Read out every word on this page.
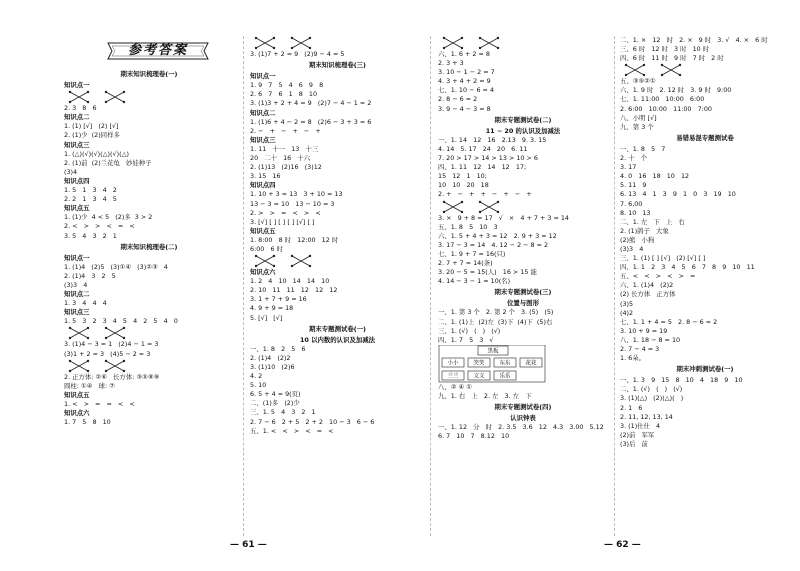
参考答案
期末知识梳理卷(一)
知识点一
2. 3   8   6
知识点二
1. (1) [√]   (2) [√]
2. (1)少  (2)同样多
知识点三
1. (△)(√)(√)(△)(√)(△)
2. (1)前  (2)兰花龟   妙娃种子
(3)4
知识点四
1. 5   1   3   4   2
2. 2   1   3   4   5
知识点五
1. (1)少  4 < 5   (2)多  3 > 2
2. <   >   >   <   =   <
3. 5   4   3   2   1
期末知识梳理卷(二)
知识点一
1. (1)4   (2)5   (3)①④   (3)②③   4
2. (1)4   3   2   5
(3)3   4
知识点二
1. 3   4   4   4
知识点三
1. 5   3   2   3   4   5   4   2   5   4   0
3. (1)4 − 3 = 1   (2)4 − 1 = 3
(3)1 + 2 = 3   (4)5 − 2 = 3
2. 正方体: ②⑥   长方体: ③⑤⑧⑨
圆柱: ①④   球: ⑦
知识点五
1. <   >   =   =   <   <
知识点六
1. 7   5   8   10
3. (1)7 + 2 = 9   (2)9 − 4 = 5
期末知识梳理卷(三)
知识点一
1. 9   7   5   4   6   9   8
2. 6   7   6   1   8   10
3. (1)3 + 2 + 4 = 9   (2)7 − 4 − 1 = 2
知识点二
1. (1)6 + 4 − 2 = 8   (2)6 − 3 + 3 = 6
2. −   +   −   +   −   +
知识点三
1. 11   十一   13   十三
20   二十   16   十六
2. (1)13   (2)16   (3)12
3. 15   16
知识点四
1. 10 + 3 = 13   3 + 10 = 13
13 − 3 = 10   13 − 10 = 3
2. >   >   =   <   >   <
3. [√] [ ] [ ] [ ] [√] [ ]
知识点五
1. 8:00   8 时   12:00   12 时
6:00   6 时
知识点六
1. 2   4   10   14   14   10
2. 10   11   11   12   12   12
3. 1 + 7 + 9 = 16
4. 9 + 9 = 18
5. [√]   [√]
期末专题测试卷(一)
10 以内数的认识及加减法
一、1. 8   2   5   6
2. (1)4   (2)2
3. (1)10   (2)6
4. 2
5. 10
6. 5 + 4 = 9(页)
二、(1)多   (2)少
三、1. 5   4   3   2   1
2. 7 − 6   2 + 5   2 + 2   10 − 3   6 − 6
五、1. <   <   >   <   =   <
六、1. 6 + 2 = 8
2. 3 + 3
3. 10 − 1 − 2 = 7
4. 3 + 4 + 2 = 9
七、1. 10 − 6 = 4
2. 8 − 6 = 2
3. 9 − 4 − 3 = 8
期末专题测试卷(二)
11 ~ 20 的认识及加减法
一、1. 14   12   16   2.13   9. 3. 15
4. 14   5. 17   24   20   6. 11
7. 20 > 17 > 14 > 13 > 10 > 6
四、1. 11   12   14   12   17;
15   12   1   10;
10   10   20   18
2. +   −   +   +   −   +   −   +
3. ×   9 + 8 = 17   √   ×   4 + 7 + 3 = 14
五、1. 8   5   10   3
六、1. 5 + 4 + 3 = 12   2. 9 + 3 = 12
3. 17 − 3 = 14   4. 12 − 2 − 8 = 2
七、1. 9 + 7 = 16(只)
2. 7 + 7 = 14(条)
3. 20 − 5 = 15(人)   16 > 15 能
4. 14 − 3 − 1 = 10(名)
期末专题测试卷(三)
位置与图形
一、1. 第 3 个   2. 第 2 个   3. (5)   (5)
二、1. (1)上  (2)左  (3)下  (4)下  (5)右
三、1. (√)   (   )   (√)
四、1. 7   5   3   √
黑板
小小	笑笑	东东	花花
兰兰	文文	乐乐
八、② ④ ①
九、1. 右   上   2. 左   3. 左   下
期末专题测试卷(四)
认识钟表
一、1. 12   分   时   2. 3.5   3.6   12   4.3   3.00   5.12
6. 7   10   7   8.12   10
二、1. ×   12   时   2. ×   9 时   3. √   4. ×   6 时
三、6 时   12 时   3 时   10 时
四、6 时   11 时   9 时   7 时   2 时
五、③⑤②①
六、1. 9 时   2. 12 时   3. 9 时   9:00
七、1. 11:00   10:00   6:00
2. 6:00   10:00   11:00   7:00
八、小明 [√]
九、第 3 个
易错易混专题测试卷
一、1. 8   5   7
2. 十   个
3. 17
4. 0   16   18   10   12
5. 11   9
6. 13   4   1   3   9   1   0   3   19   10
7. 6,00
8. 10   13
二、1. 左   下   上   右
2. (1)鸽子   大象
(2)熊   小狗
(3)3   4
三、1. (1) [ ] [√]   (2) [√] [ ]
四、1. 1   2   3   4   5   6   7   8   9   10   11
五、<   <   >   <   >   =
六、1. (1)4   (2)2
(2) 长方体   正方体
(3)5
(4)2
七、1. 1 + 4 = 5   2. 8 − 6 = 2
3. 10 + 9 = 19
八、1. 18 − 8 = 10
2. 7 − 4 = 3
1. 6朵。
期末冲刺测试卷(一)
一、1. 3   9   15   8   10   4   18   9   10
二、1. (√)   (   )   (√)
3. (1)(△)   (2)(△)(   )
2. 1   6
2. 11, 12, 13, 14
3. (1)仕仕   4
(2)前   军军
(3)后   前
— 61 —	— 62 —
